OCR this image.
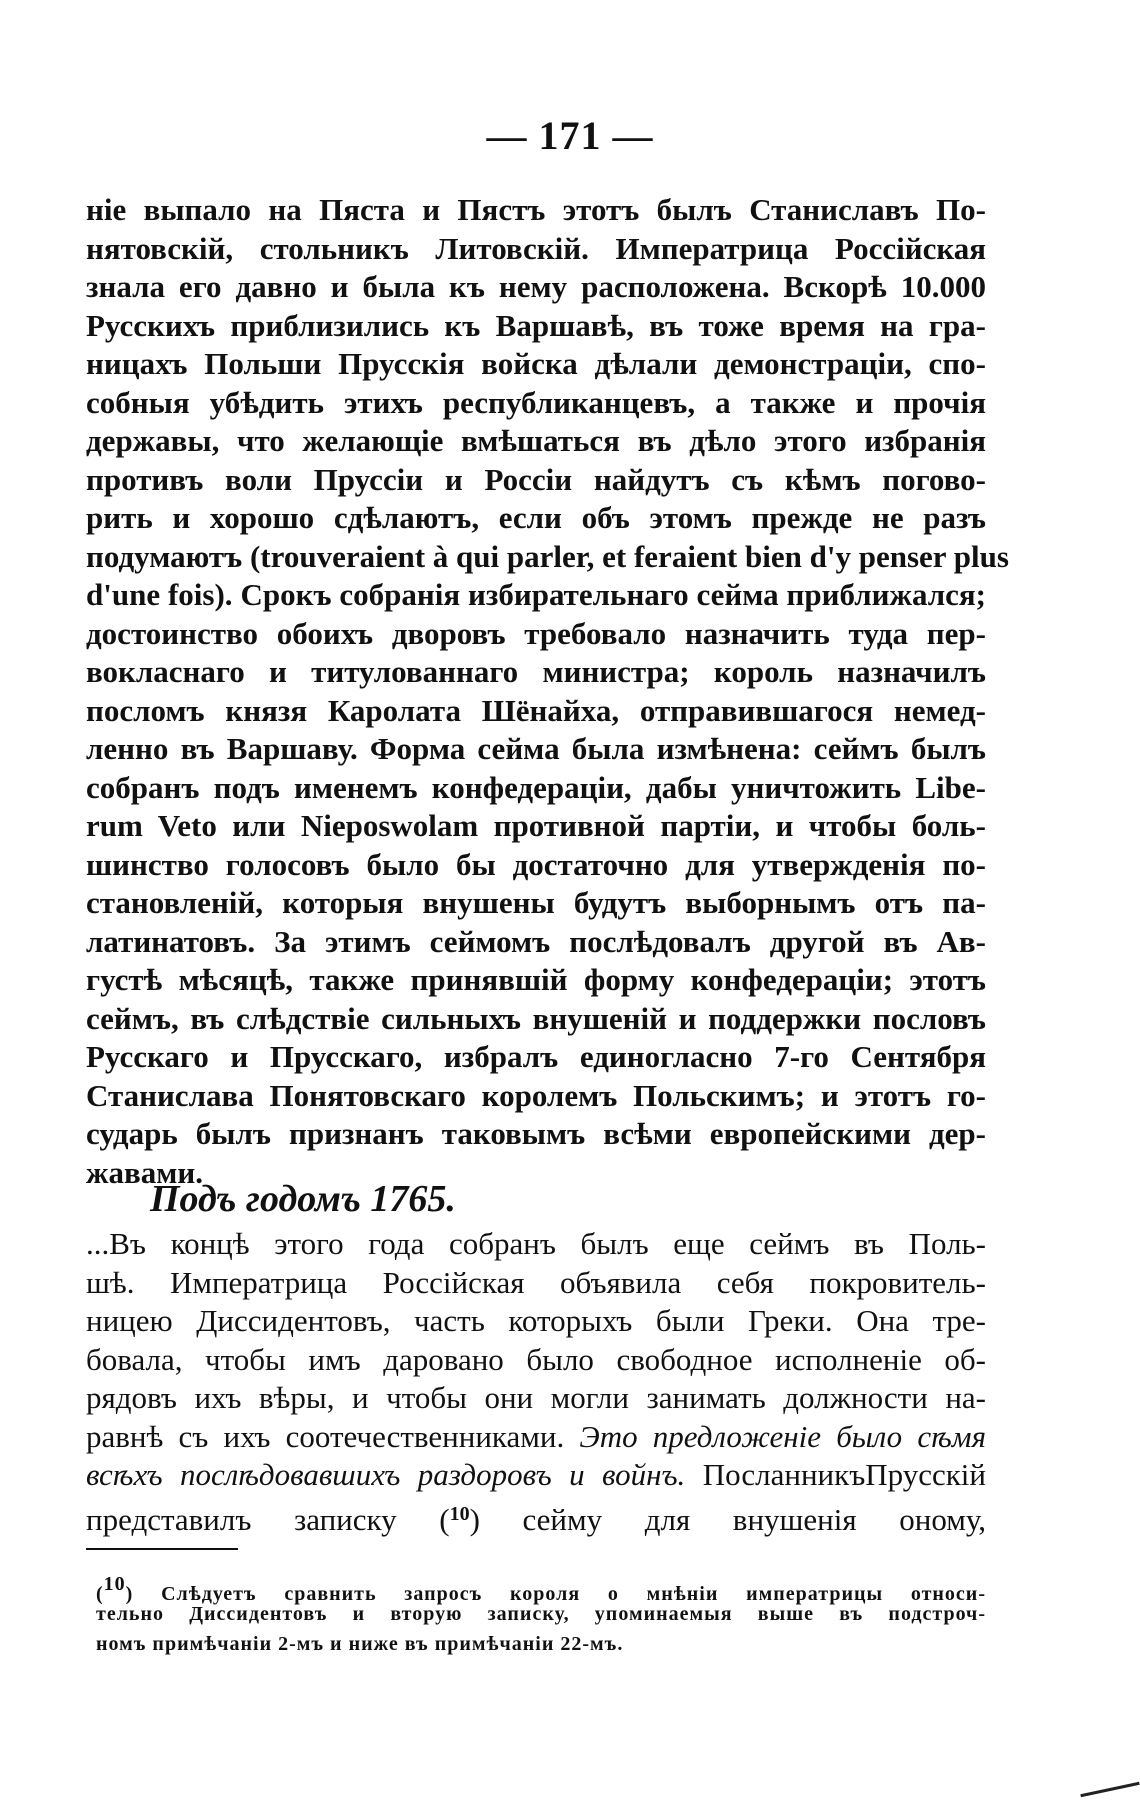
— 171 —

ніе выпало на Пяста и Пястъ этотъ былъ Станиславъ По-
нятовскій, стольникъ Литовскій. Императрица Россійская
знала его давно и была къ нему расположена. Вскорѣ 10.000
Русскихъ приблизились къ Варшавѣ, въ тоже время на гра-
ницахъ Польши Прусскія войска дѣлали демонстраціи, спо-
собныя убѣдить этихъ республиканцевъ, а также и прочія
державы, что желающіе вмѣшаться въ дѣло этого избранія
противъ воли Пруссіи и Россіи найдутъ съ кѣмъ погово-
рить и хорошо сдѣлаютъ, если объ этомъ прежде не разъ
подумаютъ (trouveraient à qui parler, et feraient bien d'y penser plus
d'une fois). Срокъ собранія избирательнаго сейма приближался;
достоинство обоихъ дворовъ требовало назначить туда пер-
вокласнаго и титулованнаго министра; король назначилъ
посломъ князя Каролата Шёнайха, отправившагося немед-
ленно въ Варшаву. Форма сейма была измѣнена: сеймъ былъ
собранъ подъ именемъ конфедераціи, дабы уничтожить Libe-
rum Veto или Nieposwolam противной партіи, и чтобы боль-
шинство голосовъ было бы достаточно для утвержденія по-
становленій, которыя внушены будутъ выборнымъ отъ па-
латинатовъ. За этимъ сеймомъ послѣдовалъ другой въ Ав-
густѣ мѣсяцѣ, также принявшій форму конфедераціи; этотъ
сеймъ, въ слѣдствіе сильныхъ внушеній и поддержки пословъ
Русскаго и Прусскаго, избралъ единогласно 7-го Сентября
Станислава Понятовскаго королемъ Польскимъ; и этотъ го-
сударь былъ признанъ таковымъ всѣми европейскими дер-
жавами.

Подъ годомъ 1765.

...Въ концѣ этого года собранъ былъ еще сеймъ въ Поль-
шѣ. Императрица Россійская объявила себя покровитель-
ницею Диссидентовъ, часть которыхъ были Греки. Она тре-
бовала, чтобы имъ даровано было свободное исполненіе об-
рядовъ ихъ вѣры, и чтобы они могли занимать должности на-
равнѣ съ ихъ соотечественниками. Это предложеніе было сѣмя
всѣхъ послѣдовавшихъ раздоровъ и войнъ. ПосланникъПрусскій
представилъ записку ($^{10}$) сейму для внушенія оному,

(10) Слѣдуетъ сравнить запросъ короля о мнѣніи императрицы относи-
тельно Диссидентовъ и вторую записку, упоминаемыя выше въ подстроч-
номъ примѣчаніи 2-мъ и ниже въ примѣчаніи 22-мъ.
